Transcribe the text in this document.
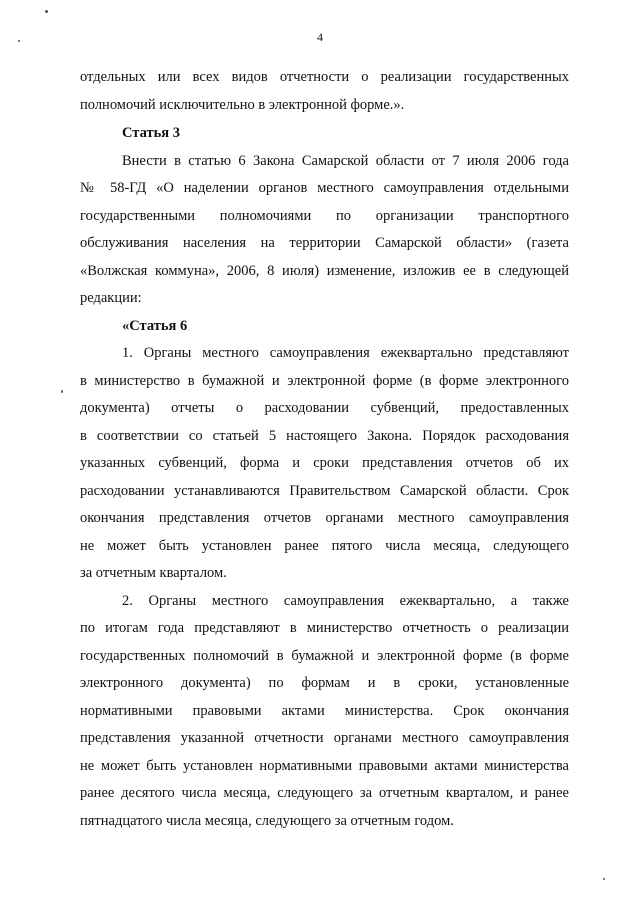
4
отдельных или всех видов отчетности о реализации государственных
полномочий исключительно в электронной форме.».
Статья 3
Внести в статью 6 Закона Самарской области от 7 июля 2006 года
№ 58-ГД «О наделении органов местного самоуправления отдельными
государственными полномочиями по организации транспортного
обслуживания населения на территории Самарской области» (газета
«Волжская коммуна», 2006, 8 июля) изменение, изложив ее в следующей
редакции:
«Статья 6
1. Органы местного самоуправления ежеквартально представляют
в министерство в бумажной и электронной форме (в форме электронного
документа) отчеты о расходовании субвенций, предоставленных
в соответствии со статьей 5 настоящего Закона. Порядок расходования
указанных субвенций, форма и сроки представления отчетов об их
расходовании устанавливаются Правительством Самарской области. Срок
окончания представления отчетов органами местного самоуправления
не может быть установлен ранее пятого числа месяца, следующего
за отчетным кварталом.
2. Органы местного самоуправления ежеквартально, а также
по итогам года представляют в министерство отчетность о реализации
государственных полномочий в бумажной и электронной форме (в форме
электронного документа) по формам и в сроки, установленные
нормативными правовыми актами министерства. Срок окончания
представления указанной отчетности органами местного самоуправления
не может быть установлен нормативными правовыми актами министерства
ранее десятого числа месяца, следующего за отчетным кварталом, и ранее
пятнадцатого числа месяца, следующего за отчетным годом.
